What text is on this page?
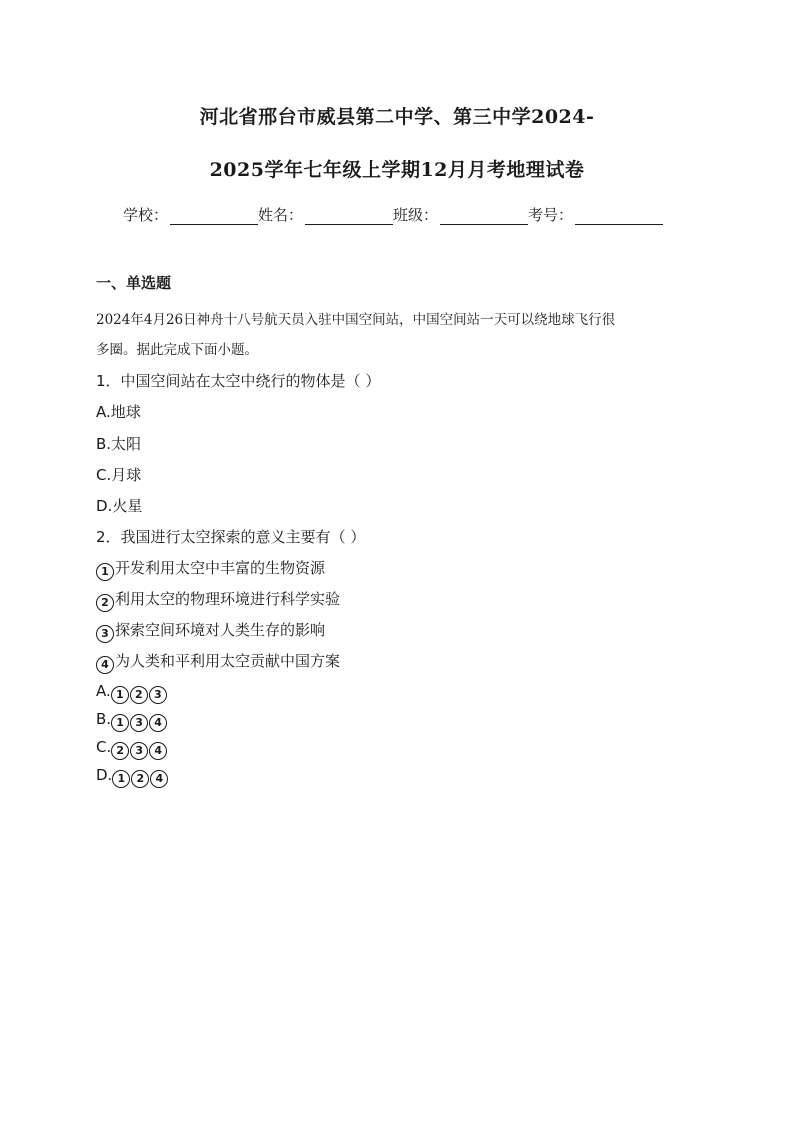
河北省邢台市威县第二中学、第三中学2024-
2025学年七年级上学期12月月考地理试卷
学校：	姓名：	班级：	考号：
一、单选题
2024年4月26日神舟十八号航天员入驻中国空间站，中国空间站一天可以绕地球飞行很
多圈。据此完成下面小题。
1．中国空间站在太空中绕行的物体是（ ）
A.地球
B.太阳
C.月球
D.火星
2．我国进行太空探索的意义主要有（ ）
1 开发利用太空中丰富的生物资源
2 利用太空的物理环境进行科学实验
3 探索空间环境对人类生存的影响
4 为人类和平利用太空贡献中国方案
A. 1 2 3
B. 1 3 4
C. 2 3 4
D. 1 2 4
